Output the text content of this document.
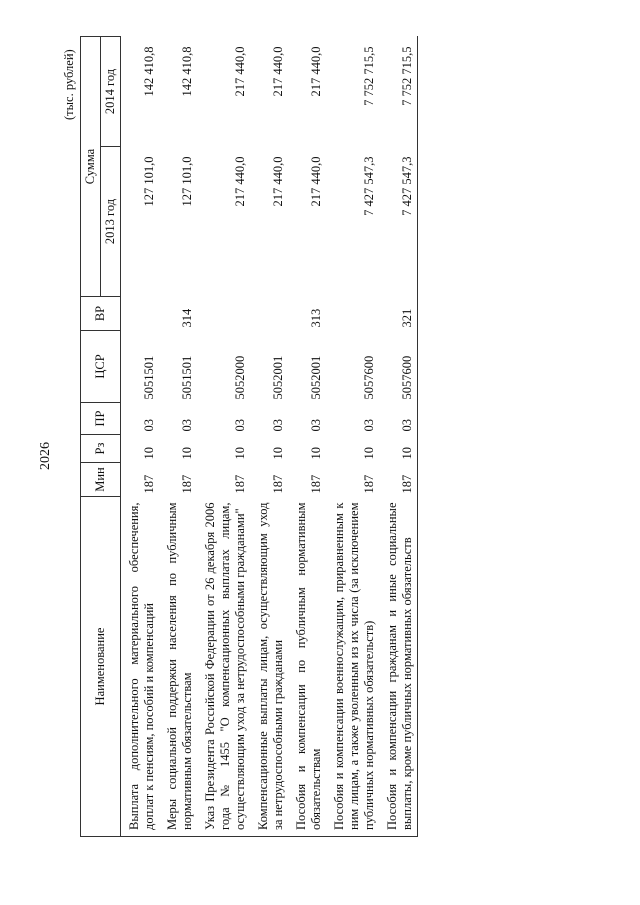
2026
(тыс. рублей)
Наименование	Мин	Рз	ПР	ЦСР	ВР	Сумма	
						2013 год	2014 год
Выплата дополнительного материального обеспечения, доплат к пенсиям, пособий и компенсаций	187	10	03	5051501		127 101,0	142 410,8
Меры социальной поддержки населения по публичным нормативным обязательствам	187	10	03	5051501	314	127 101,0	142 410,8
Указ Президента Российской Федерации от 26 декабря 2006 года № 1455 "О компенсационных выплатах лицам, осуществляющим уход за нетрудоспособными гражданами"	187	10	03	5052000		217 440,0	217 440,0
Компенсационные выплаты лицам, осуществляющим уход за нетрудоспособными гражданами	187	10	03	5052001		217 440,0	217 440,0
Пособия и компенсации по публичным нормативным обязательствам	187	10	03	5052001	313	217 440,0	217 440,0
Пособия и компенсации военнослужащим, приравненным к ним лицам, а также уволенным из их числа (за исключением публичных нормативных обязательств)	187	10	03	5057600		7 427 547,3	7 752 715,5
Пособия и компенсации гражданам и иные социальные выплаты, кроме публичных нормативных обязательств	187	10	03	5057600	321	7 427 547,3	7 752 715,5
